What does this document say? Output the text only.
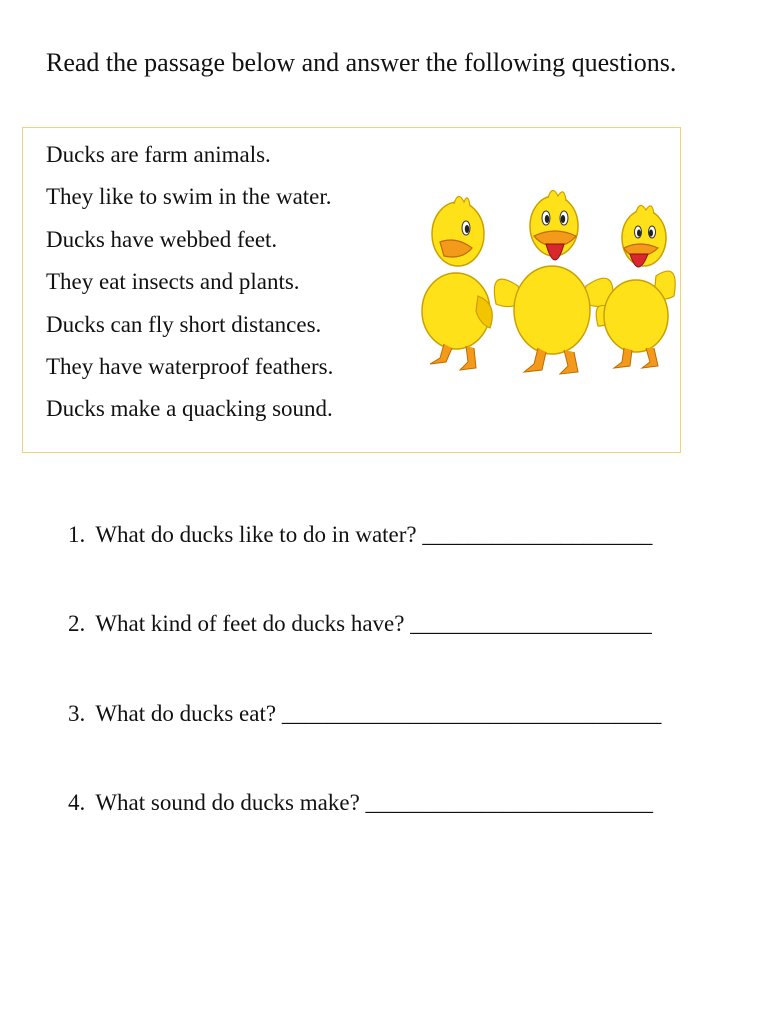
Read the passage below and answer the following questions.
Ducks are farm animals.
They like to swim in the water.
Ducks have webbed feet.
They eat insects and plants.
Ducks can fly short distances.
They have waterproof feathers.
Ducks make a quacking sound.
1. What do ducks like to do in water? ____________________
2. What kind of feet do ducks have? _____________________
3. What do ducks eat? _________________________________
4. What sound do ducks make? _________________________
